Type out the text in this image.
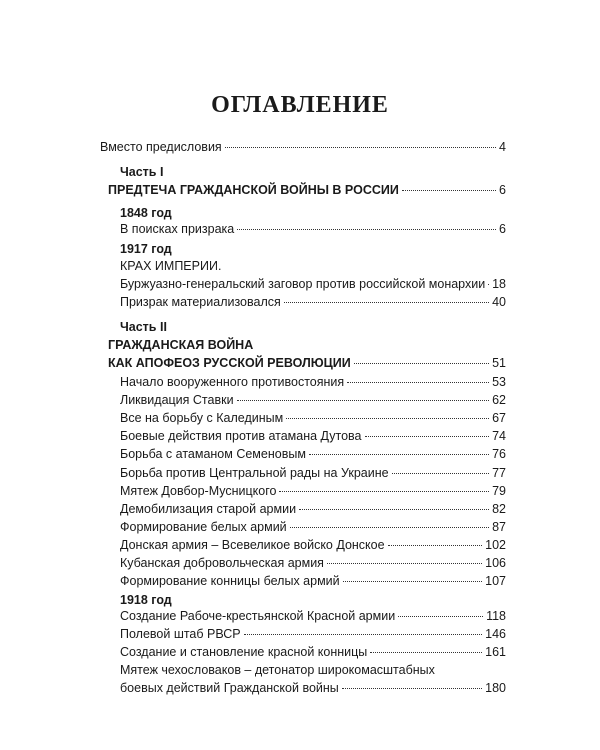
ОГЛАВЛЕНИЕ
Вместо предисловия	4
Часть I
ПРЕДТЕЧА ГРАЖДАНСКОЙ ВОЙНЫ В РОССИИ	6
1848 год
В поисках призрака	6
1917 год
КРАХ ИМПЕРИИ.
Буржуазно-генеральский заговор против российской монархии 18
Призрак материализовался	40
Часть II
ГРАЖДАНСКАЯ ВОЙНА
КАК АПОФЕОЗ РУССКОЙ РЕВОЛЮЦИИ	51
Начало вооруженного противостояния	53
Ликвидация Ставки	62
Все на борьбу с Калединым	67
Боевые действия против атамана Дутова	74
Борьба с атаманом Семеновым	76
Борьба против Центральной рады на Украине	77
Мятеж Довбор-Мусницкого	79
Демобилизация старой армии	82
Формирование белых армий	87
Донская армия – Всевеликое войско Донское	102
Кубанская добровольческая армия	106
Формирование конницы белых армий	107
1918 год
Создание Рабоче-крестьянской Красной армии	118
Полевой штаб РВСР	146
Создание и становление красной конницы	161
Мятеж чехословаков – детонатор широкомасштабных
боевых действий Гражданской войны	180
